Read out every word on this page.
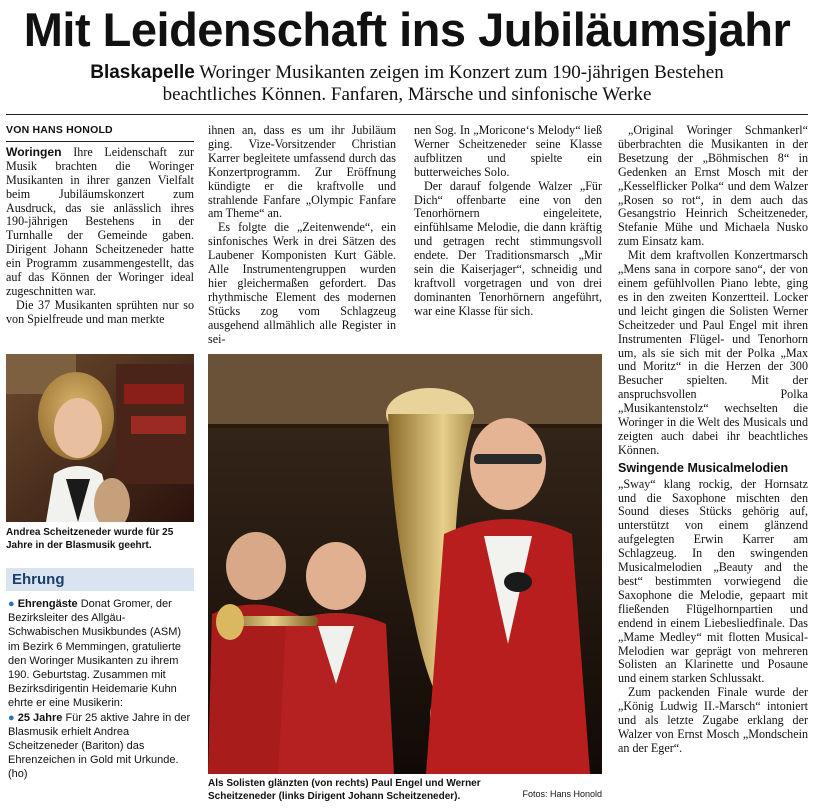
Mit Leidenschaft ins Jubiläumsjahr
Blaskapelle Woringer Musikanten zeigen im Konzert zum 190-jährigen Bestehen
beachtliches Können. Fanfaren, Märsche und sinfonische Werke
VON HANS HONOLD

Woringen Ihre Leidenschaft zur Musik brachten die Woringer Musikanten in ihrer ganzen Vielfalt beim Jubiläumskonzert zum Ausdruck, das sie anlässlich ihres 190-jährigen Bestehens in der Turnhalle der Gemeinde gaben. Dirigent Johann Scheitzeneder hatte ein Programm zusammengestellt, das auf das Können der Woringer ideal zugeschnitten war.

Die 37 Musikanten sprühten nur so von Spielfreude und man merkte

Andrea Scheitzeneder wurde für 25 Jahre in der Blasmusik geehrt.
Ehrung

● Ehrengäste Donat Gromer, der Bezirksleiter des Allgäu-Schwabischen Musikbundes (ASM) im Bezirk 6 Memmingen, gratulierte den Woringer Musikanten zu ihrem 190. Geburtstag. Zusammen mit Bezirksdirigentin Heidemarie Kuhn ehrte er eine Musikerin:

● 25 Jahre Für 25 aktive Jahre in der Blasmusik erhielt Andrea Scheitzeneder (Bariton) das Ehrenzeichen in Gold mit Urkunde. (ho)

ihnen an, dass es um ihr Jubiläum ging. Vize-Vorsitzender Christian Karrer begleitete umfassend durch das Konzertprogramm. Zur Eröffnung kündigte er die kraftvolle und strahlende Fanfare „Olympic Fanfare am Theme“ an.

Es folgte die „Zeitenwende“, ein sinfonisches Werk in drei Sätzen des Laubener Komponisten Kurt Gäble. Alle Instrumentengruppen wurden hier gleichermaßen gefordert. Das rhythmische Element des modernen Stücks zog vom Schlagzeug ausgehend allmählich alle Register in sei-

nen Sog. In „Moricone‘s Melody“ ließ Werner Scheitzeneder seine Klasse aufblitzen und spielte ein butterweiches Solo.

Der darauf folgende Walzer „Für Dich“ offenbarte eine von den Tenorhörnern eingeleitete, einfühlsame Melodie, die dann kräftig und getragen recht stimmungsvoll endete. Der Traditionsmarsch „Mir sein die Kaiserjager“, schneidig und kraftvoll vorgetragen und von drei dominanten Tenorhörnern angeführt, war eine Klasse für sich.

Als Solisten glänzten (von rechts) Paul Engel und Werner Scheitzeneder (links Dirigent Johann Scheitzeneder).	Fotos: Hans Honold

„Original Woringer Schmankerl“ überbrachten die Musikanten in der Besetzung der „Böhmischen 8“ in Gedenken an Ernst Mosch mit der „Kesselflicker Polka“ und dem Walzer „Rosen so rot“, in dem auch das Gesangstrio Heinrich Scheitzeneder, Stefanie Mühe und Michaela Nusko zum Einsatz kam.

Mit dem kraftvollen Konzertmarsch „Mens sana in corpore sano“, der von einem gefühlvollen Piano lebte, ging es in den zweiten Konzertteil. Locker und leicht gingen die Solisten Werner Scheitzeder und Paul Engel mit ihren Instrumenten Flügel- und Tenorhorn um, als sie sich mit der Polka „Max und Moritz“ in die Herzen der 300 Besucher spielten. Mit der anspruchsvollen Polka „Musikantenstolz“ wechselten die Woringer in die Welt des Musicals und zeigten auch dabei ihr beachtliches Können.

Swingende Musicalmelodien

„Sway“ klang rockig, der Hornsatz und die Saxophone mischten den Sound dieses Stücks gehörig auf, unterstützt von einem glänzend aufgelegten Erwin Karrer am Schlagzeug. In den swingenden Musicalmelodien „Beauty and the best“ bestimmten vorwiegend die Saxophone die Melodie, gepaart mit fließenden Flügelhornpartien und endend in einem Liebesliedfinale. Das „Mame Medley“ mit flotten Musical-Melodien war geprägt von mehreren Solisten an Klarinette und Posaune und einem starken Schlussakt.

Zum packenden Finale wurde der „König Ludwig II.-Marsch“ intoniert und als letzte Zugabe erklang der Walzer von Ernst Mosch „Mondschein an der Eger“.
